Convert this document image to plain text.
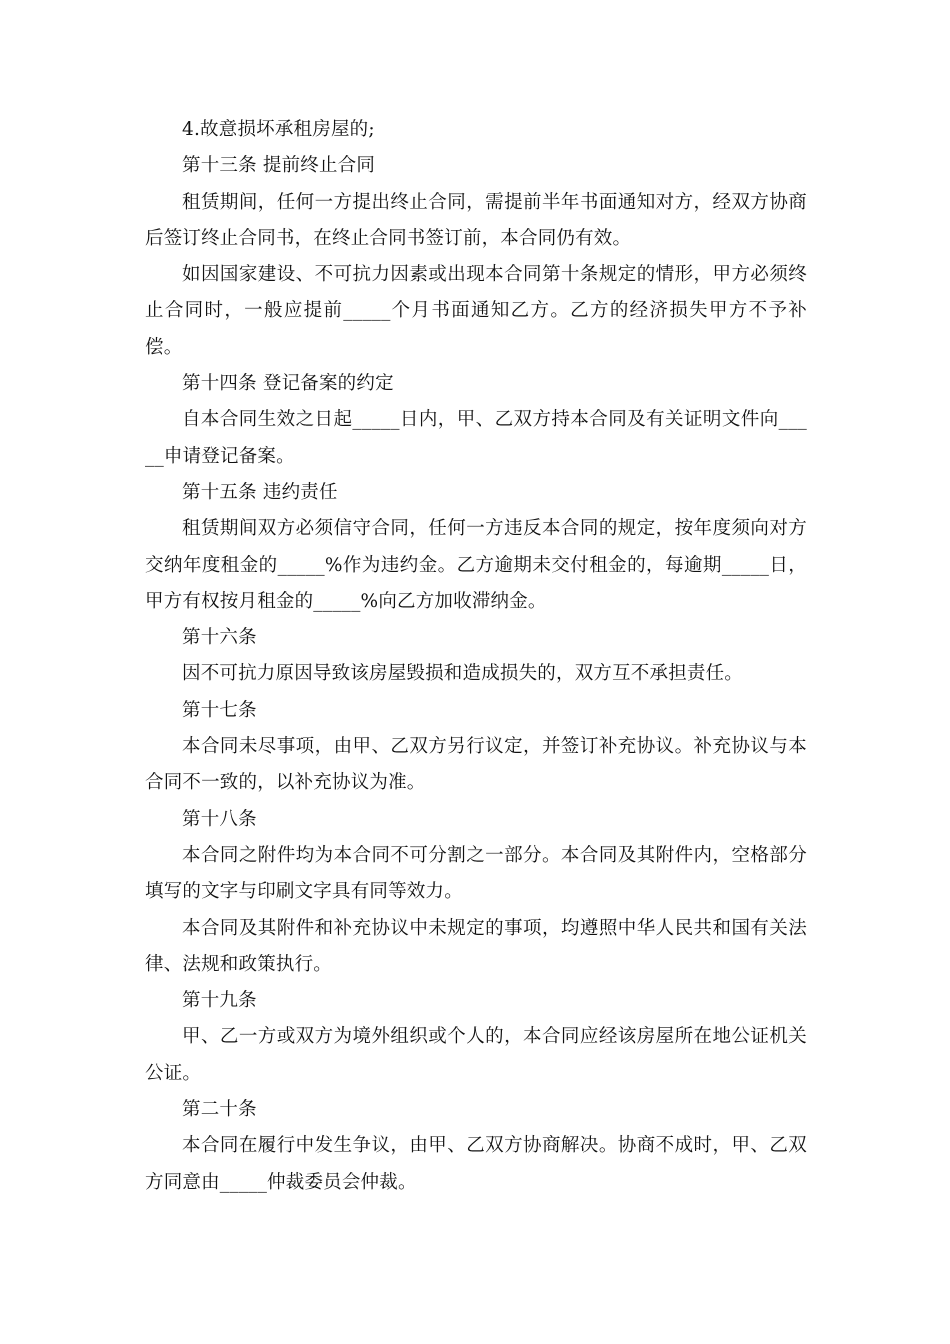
4.故意损坏承租房屋的;

第十三条 提前终止合同

租赁期间，任何一方提出终止合同，需提前半年书面通知对方，经双方协商后签订终止合同书，在终止合同书签订前，本合同仍有效。

如因国家建设、不可抗力因素或出现本合同第十条规定的情形，甲方必须终止合同时，一般应提前_____个月书面通知乙方。乙方的经济损失甲方不予补偿。

第十四条 登记备案的约定

自本合同生效之日起_____日内，甲、乙双方持本合同及有关证明文件向_____申请登记备案。

第十五条 违约责任

租赁期间双方必须信守合同，任何一方违反本合同的规定，按年度须向对方交纳年度租金的_____%作为违约金。乙方逾期未交付租金的，每逾期_____日，甲方有权按月租金的_____%向乙方加收滞纳金。

第十六条

因不可抗力原因导致该房屋毁损和造成损失的，双方互不承担责任。

第十七条

本合同未尽事项，由甲、乙双方另行议定，并签订补充协议。补充协议与本合同不一致的，以补充协议为准。

第十八条

本合同之附件均为本合同不可分割之一部分。本合同及其附件内，空格部分填写的文字与印刷文字具有同等效力。

本合同及其附件和补充协议中未规定的事项，均遵照中华人民共和国有关法律、法规和政策执行。

第十九条

甲、乙一方或双方为境外组织或个人的，本合同应经该房屋所在地公证机关公证。

第二十条

本合同在履行中发生争议，由甲、乙双方协商解决。协商不成时，甲、乙双方同意由_____仲裁委员会仲裁。
